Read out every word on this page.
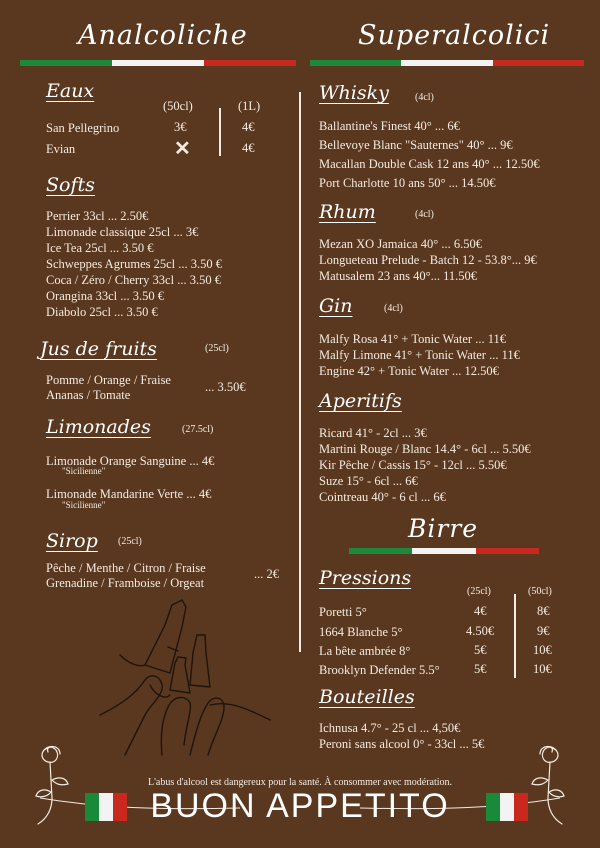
Analcoliche
Eaux
(50cl)	(1L)
San Pellegrino	3€	4€
Evian	✕	4€
Softs
Perrier 33cl ... 2.50€
Limonade classique 25cl ... 3€
Ice Tea 25cl ... 3.50 €
Schweppes Agrumes 25cl ... 3.50 €
Coca / Zéro / Cherry 33cl ... 3.50 €
Orangina 33cl ... 3.50 €
Diabolo 25cl ... 3.50 €
Jus de fruits	(25cl)
Pomme / Orange / Fraise
Ananas / Tomate
... 3.50€
Limonades	(27.5cl)
Limonade Orange Sanguine ... 4€
"Sicilienne"
Limonade Mandarine Verte ... 4€
"Sicilienne"
Sirop (25cl)
Pêche / Menthe / Citron / Fraise
Grenadine / Framboise / Orgeat
... 2€
Superalcolici
Whisky	(4cl)
Ballantine's Finest 40° ... 6€
Bellevoye Blanc "Sauternes" 40° ... 9€
Macallan Double Cask 12 ans 40° ... 12.50€
Port Charlotte 10 ans 50° ... 14.50€
Rhum	(4cl)
Mezan XO Jamaica 40° ... 6.50€
Longueteau Prelude - Batch 12 - 53.8°... 9€
Matusalem 23 ans 40°... 11.50€
Gin	(4cl)
Malfy Rosa 41° + Tonic Water ... 11€
Malfy Limone 41° + Tonic Water ... 11€
Engine 42° + Tonic Water ... 12.50€
Aperitifs
Ricard 41° - 2cl ... 3€
Martini Rouge / Blanc 14.4° - 6cl ... 5.50€
Kir Pêche / Cassis 15° - 12cl ... 5.50€
Suze 15° - 6cl ... 6€
Cointreau 40° - 6 cl ... 6€
Birre
Pressions
(25cl)	(50cl)
Poretti 5°	4€	8€
1664 Blanche 5°	4.50€	9€
La bête ambrée 8°	5€	10€
Brooklyn Defender 5.5°	5€	10€
Bouteilles
Ichnusa 4.7° - 25 cl ... 4,50€
Peroni sans alcool 0° - 33cl ... 5€
L'abus d'alcool est dangereux pour la santé. À consommer avec modération.
BUON APPETITO
